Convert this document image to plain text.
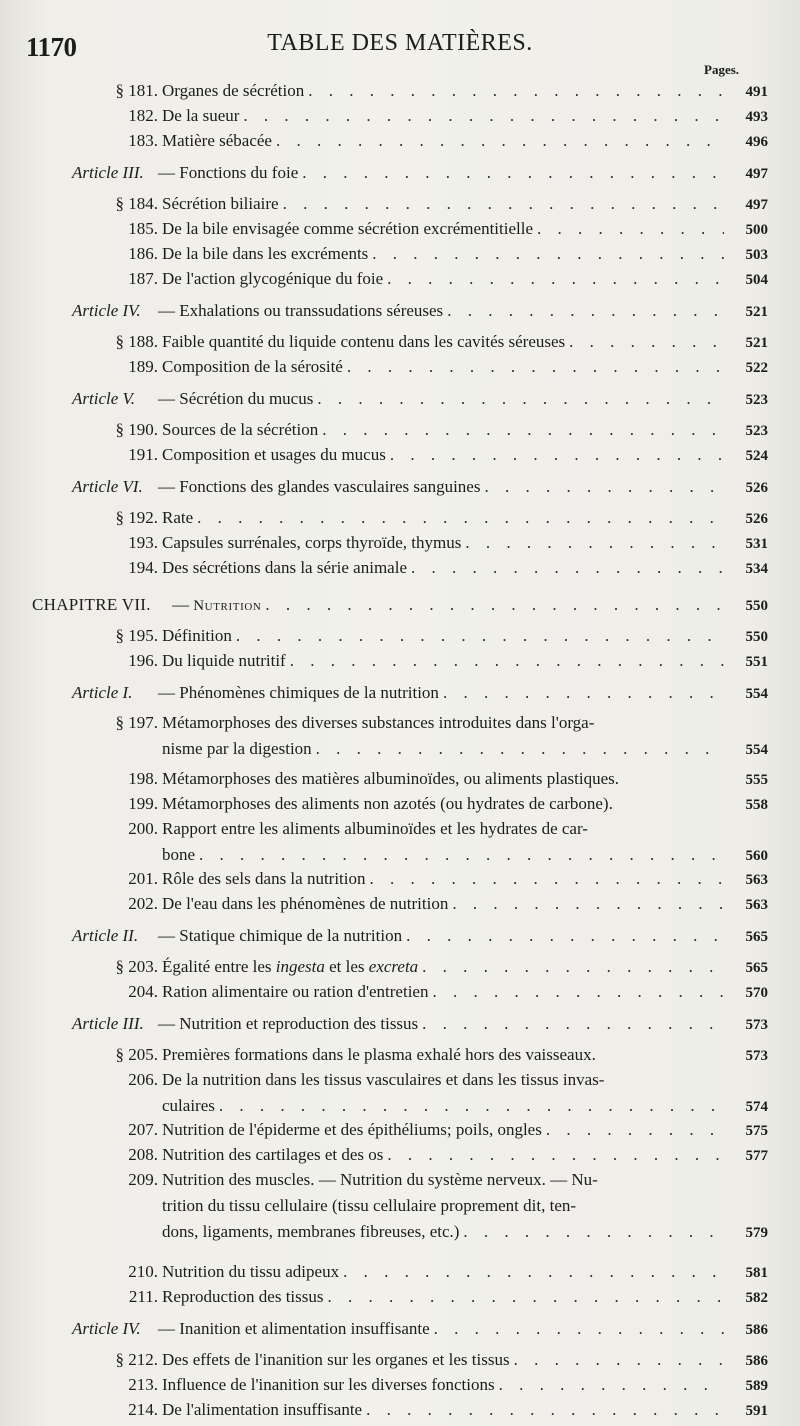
1170	TABLE DES MATIÈRES.
Pages.
§ 181. Organes de sécrétion . . .	491
182. De la sueur . . .	493
183. Matière sébacée . . .	496
Article III. — Fonctions du foie . . .	497
§ 184. Sécrétion biliaire . . .	497
185. De la bile envisagée comme sécrétion excrémentitielle . . .	500
186. De la bile dans les excréments . . .	503
187. De l'action glycogénique du foie . . .	504
Article IV. — Exhalations ou transsudations séreuses . . .	521
§ 188. Faible quantité du liquide contenu dans les cavités séreuses . . .	521
189. Composition de la sérosité . . .	522
Article V. — Sécrétion du mucus . . .	523
§ 190. Sources de la sécrétion . . .	523
191. Composition et usages du mucus . . .	524
Article VI. — Fonctions des glandes vasculaires sanguines . . .	526
§ 192. Rate . . .	526
193. Capsules surrénales, corps thyroïde, thymus . . .	531
194. Des sécrétions dans la série animale . . .	534
CHAPITRE VII. — Nutrition . . .	550
§ 195. Définition . . .	550
196. Du liquide nutritif . . .	551
Article I. — Phénomènes chimiques de la nutrition . . .	554
§ 197. Métamorphoses des diverses substances introduites dans l'orga-
nisme par la digestion . . .	554
198. Métamorphoses des matières albuminoïdes, ou aliments plastiques.	555
199. Métamorphoses des aliments non azotés (ou hydrates de carbone).	558
200. Rapport entre les aliments albuminoïdes et les hydrates de car-
bone . . .	560
201. Rôle des sels dans la nutrition . . .	563
202. De l'eau dans les phénomènes de nutrition . . .	563
Article II. — Statique chimique de la nutrition . . .	565
§ 203. Égalité entre les ingesta et les excreta . . .	565
204. Ration alimentaire ou ration d'entretien . . .	570
Article III. — Nutrition et reproduction des tissus . . .	573
§ 205. Premières formations dans le plasma exhalé hors des vaisseaux.	573
206. De la nutrition dans les tissus vasculaires et dans les tissus invas-
culaires . . .	574
207. Nutrition de l'épiderme et des épithéliums; poils, ongles . . .	575
208. Nutrition des cartilages et des os . . .	577
209. Nutrition des muscles. — Nutrition du système nerveux. — Nu-
trition du tissu cellulaire (tissu cellulaire proprement dit, ten-
dons, ligaments, membranes fibreuses, etc.) . . .	579
210. Nutrition du tissu adipeux . . .	581
211. Reproduction des tissus . . .	582
Article IV. — Inanition et alimentation insuffisante . . .	586
§ 212. Des effets de l'inanition sur les organes et les tissus . . .	586
213. Influence de l'inanition sur les diverses fonctions . . .	589
214. De l'alimentation insuffisante . . .	591
